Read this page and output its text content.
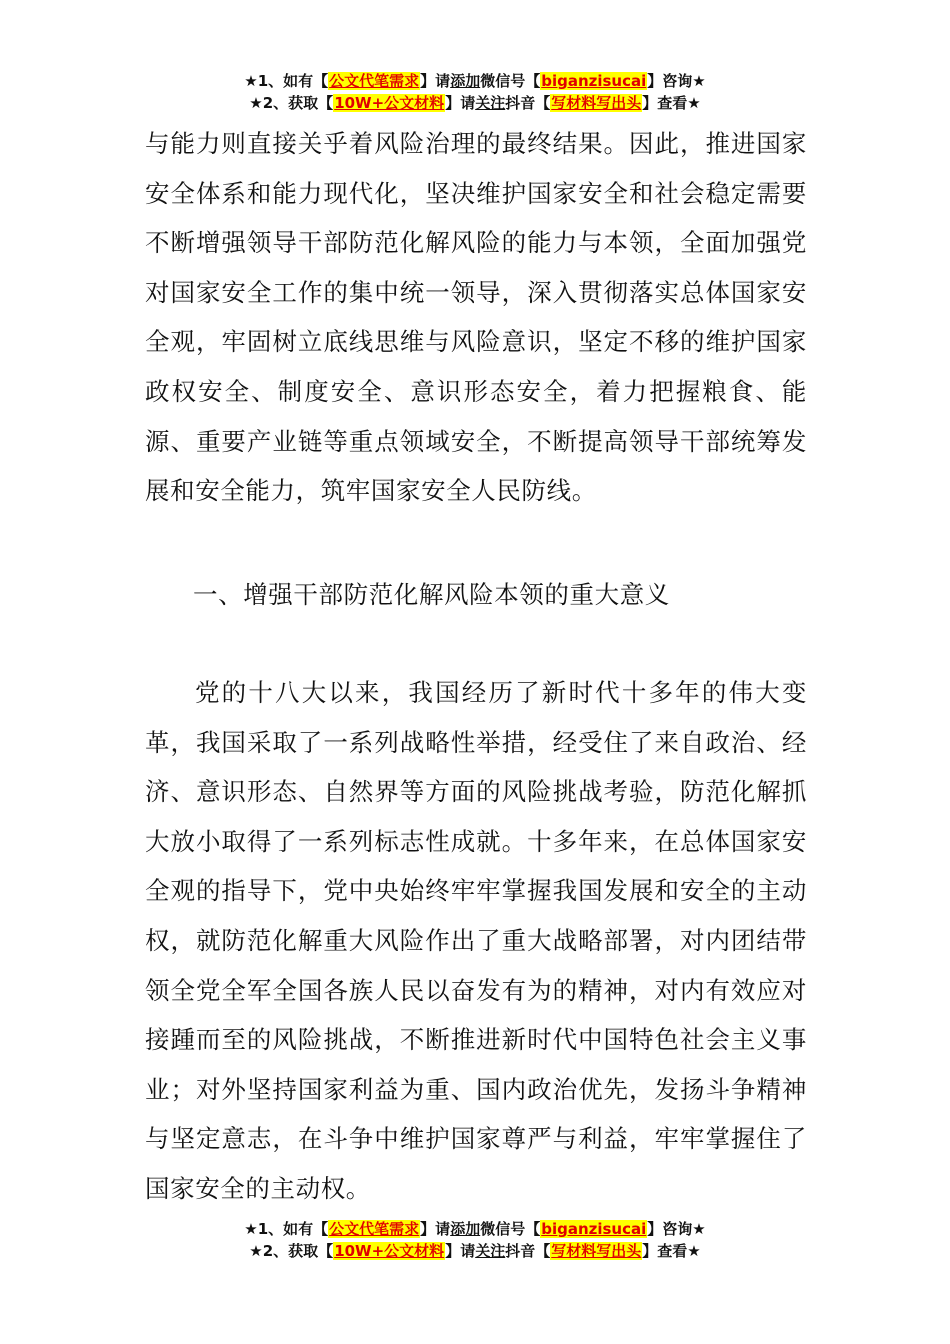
★1、如有【公文代笔需求】请添加微信号【biganzisucai】咨询★
★2、获取【10W+公文材料】请关注抖音【写材料写出头】查看★

与能力则直接关乎着风险治理的最终结果。因此，推进国家安全体系和能力现代化，坚决维护国家安全和社会稳定需要不断增强领导干部防范化解风险的能力与本领，全面加强党对国家安全工作的集中统一领导，深入贯彻落实总体国家安全观，牢固树立底线思维与风险意识，坚定不移的维护国家政权安全、制度安全、意识形态安全，着力把握粮食、能源、重要产业链等重点领域安全，不断提高领导干部统筹发展和安全能力，筑牢国家安全人民防线。

一、增强干部防范化解风险本领的重大意义

党的十八大以来，我国经历了新时代十多年的伟大变革，我国采取了一系列战略性举措，经受住了来自政治、经济、意识形态、自然界等方面的风险挑战考验，防范化解抓大放小取得了一系列标志性成就。十多年来，在总体国家安全观的指导下，党中央始终牢牢掌握我国发展和安全的主动权，就防范化解重大风险作出了重大战略部署，对内团结带领全党全军全国各族人民以奋发有为的精神，对内有效应对接踵而至的风险挑战，不断推进新时代中国特色社会主义事业；对外坚持国家利益为重、国内政治优先，发扬斗争精神与坚定意志，在斗争中维护国家尊严与利益，牢牢掌握住了国家安全的主动权。

★1、如有【公文代笔需求】请添加微信号【biganzisucai】咨询★
★2、获取【10W+公文材料】请关注抖音【写材料写出头】查看★
